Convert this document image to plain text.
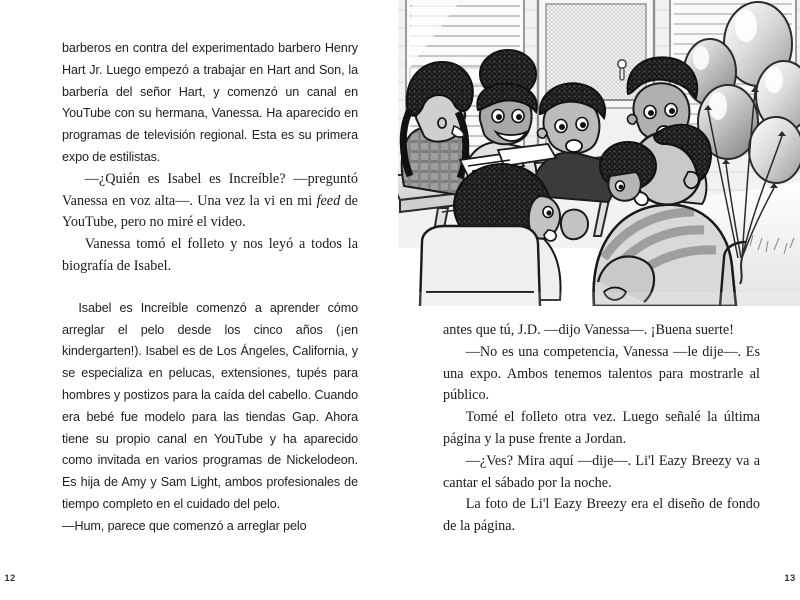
barberos en contra del experimentado barbero Henry Hart Jr. Luego empezó a trabajar en Hart and Son, la barbería del señor Hart, y comenzó un canal en YouTube con su hermana, Vanessa. Ha aparecido en programas de televisión regional. Esta es su primera expo de estilistas.

—¿Quién es Isabel es Increíble? —preguntó Vanessa en voz alta—. Una vez la vi en mi feed de YouTube, pero no miré el video.

Vanessa tomó el folleto y nos leyó a todos la biografía de Isabel.

Isabel es Increíble comenzó a aprender cómo arreglar el pelo desde los cinco años (¡en kindergarten!). Isabel es de Los Ángeles, California, y se especializa en pelucas, extensiones, tupés para hombres y postizos para la caída del cabello. Cuando era bebé fue modelo para las tiendas Gap. Ahora tiene su propio canal en YouTube y ha aparecido como invitada en varios programas de Nickelodeon. Es hija de Amy y Sam Light, ambos profesionales de tiempo completo en el cuidado del pelo.

—Hum, parece que comenzó a arreglar pelo

12

antes que tú, J.D. —dijo Vanessa—. ¡Buena suerte!

—No es una competencia, Vanessa —le dije—. Es una expo. Ambos tenemos talentos para mostrarle al público.

Tomé el folleto otra vez. Luego señalé la última página y la puse frente a Jordan.

—¿Ves? Mira aquí —dije—. Li'l Eazy Breezy va a cantar el sábado por la noche.

La foto de Li'l Eazy Breezy era el diseño de fondo de la página.

13
